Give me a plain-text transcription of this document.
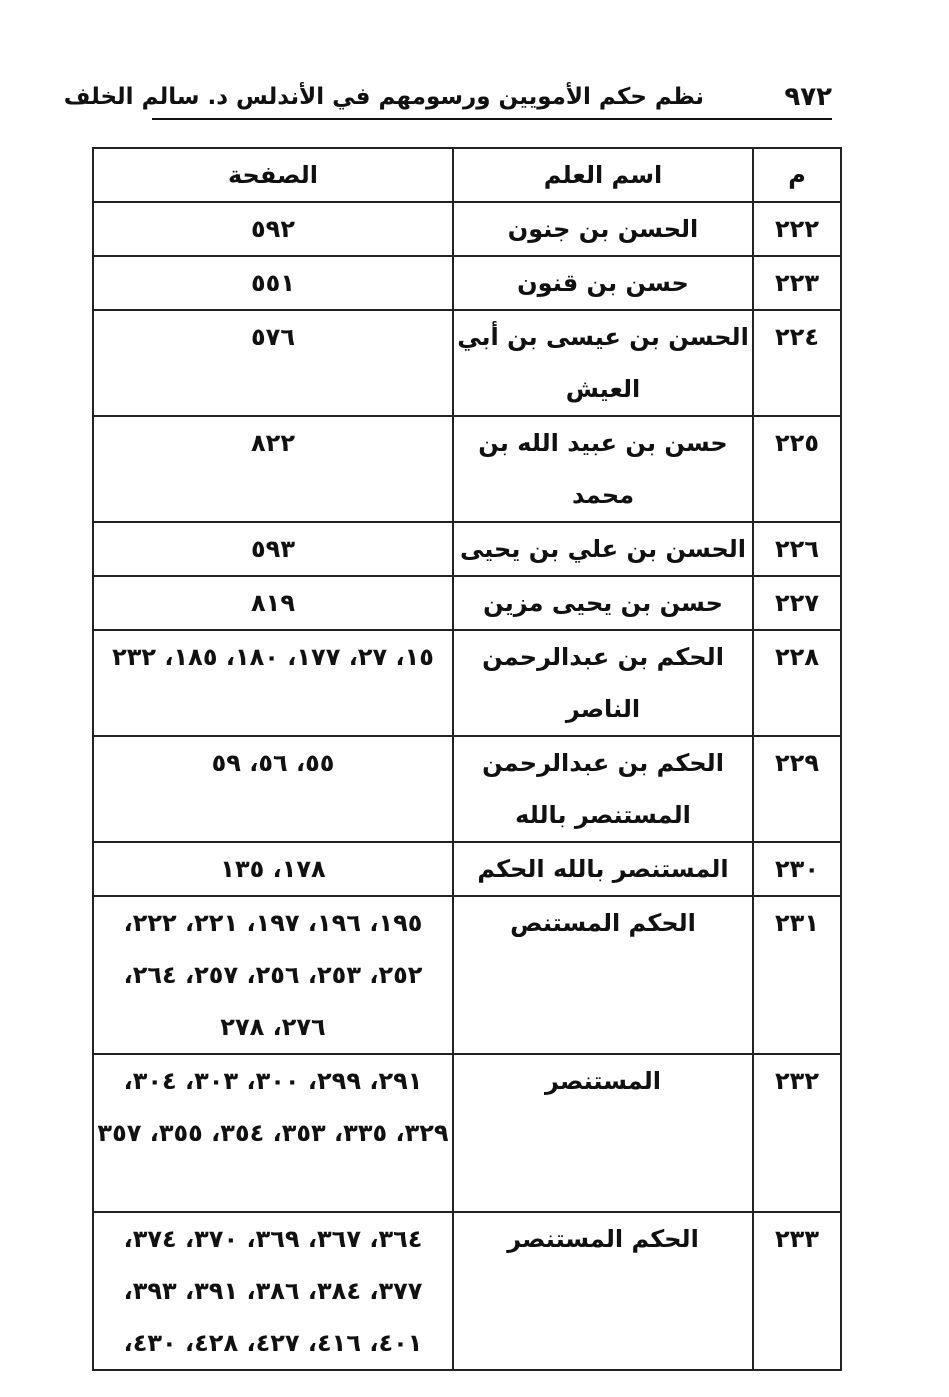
٩٧٢
نظم حكم الأمويين ورسومهم في الأندلس د. سالم الخلف
م	اسم العلم	الصفحة
٢٢٢	الحسن بن جنون	٥٩٢
٢٢٣	حسن بن قنون	٥٥١
٢٢٤	الحسن بن عيسى بن أبي العيش	٥٧٦
٢٢٥	حسن بن عبيد الله بن محمد	٨٢٢
٢٢٦	الحسن بن علي بن يحيى	٥٩٣
٢٢٧	حسن بن يحيى مزين	٨١٩
٢٢٨	الحكم بن عبدالرحمن الناصر	١٥، ٢٧، ١٧٧، ١٨٠، ١٨٥، ٢٣٢
٢٢٩	الحكم بن عبدالرحمن المستنصر بالله	٥٥، ٥٦، ٥٩
٢٣٠	المستنصر بالله الحكم	١٧٨، ١٣٥
٢٣١	الحكم المستنص	١٩٥، ١٩٦، ١٩٧، ٢٢١، ٢٢٢، ٢٥٢، ٢٥٣، ٢٥٦، ٢٥٧، ٢٦٤، ٢٧٦، ٢٧٨
٢٣٢	المستنصر	٢٩١، ٢٩٩، ٣٠٠، ٣٠٣، ٣٠٤، ٣٢٩، ٣٣٥، ٣٥٣، ٣٥٤، ٣٥٥، ٣٥٧
٢٣٣	الحكم المستنصر	٣٦٤، ٣٦٧، ٣٦٩، ٣٧٠، ٣٧٤، ٣٧٧، ٣٨٤، ٣٨٦، ٣٩١، ٣٩٣، ٤٠١، ٤١٦، ٤٢٧، ٤٢٨، ٤٣٠،
